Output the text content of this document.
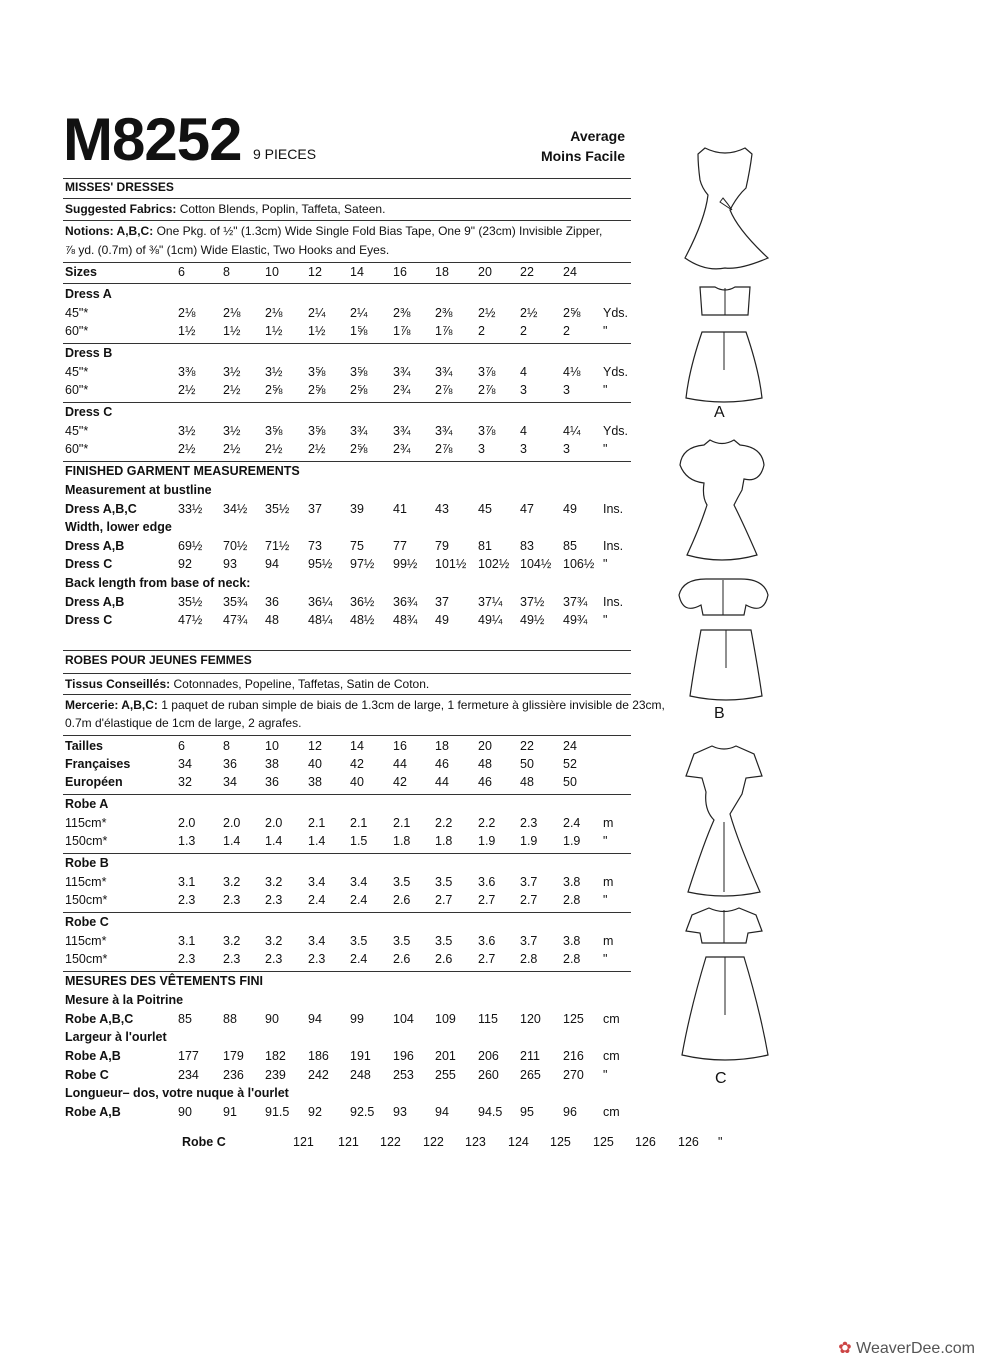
M8252 9 PIECES
Average
Moins Facile
MISSES' DRESSES
Suggested Fabrics: Cotton Blends, Poplin, Taffeta, Sateen.
Notions: A,B,C: One Pkg. of ½" (1.3cm) Wide Single Fold Bias Tape, One 9" (23cm) Invisible Zipper,
⅞ yd. (0.7m) of ⅜" (1cm) Wide Elastic, Two Hooks and Eyes.
Sizes	6	8	10 12 14 16 18 20 22 24
Dress A
45"*	2⅛ 2⅛ 2⅛ 2¼ 2¼ 2⅜ 2⅜ 2½ 2½ 2⅝ Yds.
60"*	1½ 1½ 1½ 1½ 1⅝ 1⅞ 1⅞ 2	2	2	"
Dress B
45"*	3⅜ 3½ 3½ 3⅝ 3⅝ 3¾ 3¾ 3⅞ 4	4⅛ Yds.
60"*	2½ 2½ 2⅝ 2⅝ 2⅝ 2¾ 2⅞ 2⅞ 3	3	"
Dress C
45"*	3½ 3½ 3⅝ 3⅝ 3¾ 3¾ 3¾ 3⅞ 4	4¼ Yds.
60"*	2½ 2½ 2½ 2½ 2⅝ 2¾ 2⅞ 3	3	3	"
FINISHED GARMENT MEASUREMENTS
Measurement at bustline
Dress A,B,C	33½ 34½ 35½ 37 39 41 43 45 47 49 Ins.
Width, lower edge
Dress A,B	69½ 70½ 71½ 73 75 77 79 81 83 85 Ins.
Dress C	92 93 94 95½ 97½ 99½ 101½ 102½ 104½ 106½ "
Back length from base of neck:
Dress A,B	35½ 35¾ 36 36¼ 36½ 36¾ 37 37¼ 37½ 37¾ Ins.
Dress C	47½ 47¾ 48 48¼ 48½ 48¾ 49 49¼ 49½ 49¾ "
ROBES POUR JEUNES FEMMES
Tissus Conseillés: Cotonnades, Popeline, Taffetas, Satin de Coton.
Mercerie: A,B,C: 1 paquet de ruban simple de biais de 1.3cm de large, 1 fermeture à glissière invisible de 23cm,
0.7m d'élastique de 1cm de large, 2 agrafes.
Tailles	6	8	10 12 14 16 18 20 22 24
Françaises	34 36 38 40 42 44 46 48 50 52
Européen	32 34 36 38 40 42 44 46 48 50
Robe A
115cm*	2.0 2.0 2.0 2.1 2.1 2.1 2.2 2.2 2.3 2.4 m
150cm*	1.3 1.4 1.4 1.4 1.5 1.8 1.8 1.9 1.9 1.9 "
Robe B
115cm*	3.1 3.2 3.2 3.4 3.4 3.5 3.5 3.6 3.7 3.8 m
150cm*	2.3 2.3 2.3 2.4 2.4 2.6 2.7 2.7 2.7 2.8 "
Robe C
115cm*	3.1 3.2 3.2 3.4 3.5 3.5 3.5 3.6 3.7 3.8 m
150cm*	2.3 2.3 2.3 2.3 2.4 2.6 2.6 2.7 2.8 2.8 "
MESURES DES VÊTEMENTS FINI
Mesure à la Poitrine
Robe A,B,C	85 88 90 94 99 104 109 115 120 125 cm
Largeur à l'ourlet
Robe A,B	177 179 182 186 191 196 201 206 211 216 cm
Robe C	234 236 239 242 248 253 255 260 265 270 "
Longueur– dos, votre nuque à l'ourlet
Robe A,B	90 91 91.5 92 92.5 93 94 94.5 95 96 cm
Robe C	121 121 122 122 123 124 125 125 126 126 "
A
B
C
✿ WeaverDee.com
